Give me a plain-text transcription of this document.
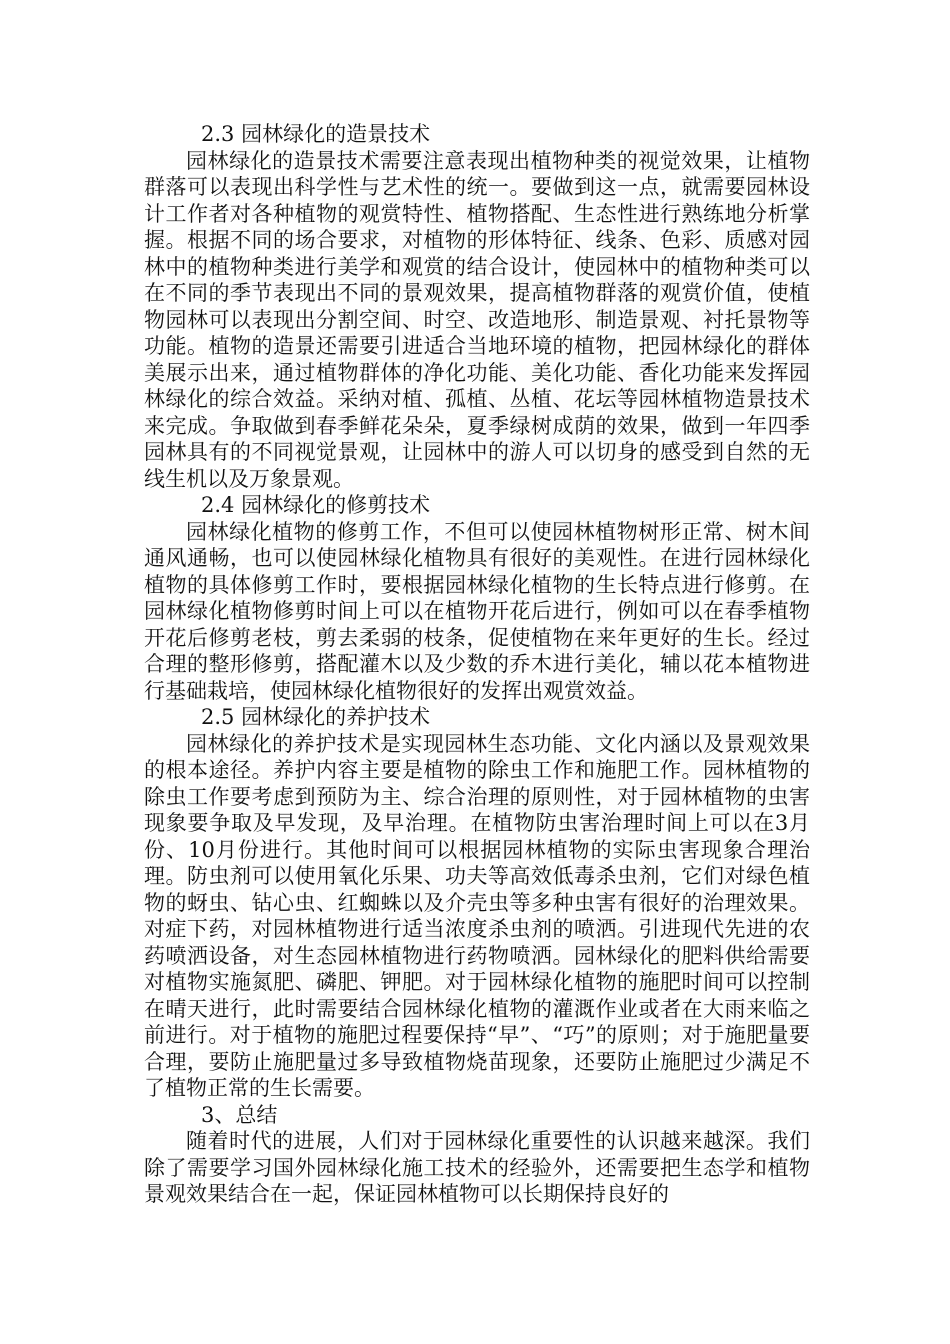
2.3 园林绿化的造景技术

园林绿化的造景技术需要注意表现出植物种类的视觉效果，让植物群落可以表现出科学性与艺术性的统一。要做到这一点，就需要园林设计工作者对各种植物的观赏特性、植物搭配、生态性进行熟练地分析掌握。根据不同的场合要求，对植物的形体特征、线条、色彩、质感对园林中的植物种类进行美学和观赏的结合设计，使园林中的植物种类可以在不同的季节表现出不同的景观效果，提高植物群落的观赏价值，使植物园林可以表现出分割空间、时空、改造地形、制造景观、衬托景物等功能。植物的造景还需要引进适合当地环境的植物，把园林绿化的群体美展示出来，通过植物群体的净化功能、美化功能、香化功能来发挥园林绿化的综合效益。采纳对植、孤植、丛植、花坛等园林植物造景技术来完成。争取做到春季鲜花朵朵，夏季绿树成荫的效果，做到一年四季园林具有的不同视觉景观，让园林中的游人可以切身的感受到自然的无线生机以及万象景观。

2.4 园林绿化的修剪技术

园林绿化植物的修剪工作，不但可以使园林植物树形正常、树木间通风通畅，也可以使园林绿化植物具有很好的美观性。在进行园林绿化植物的具体修剪工作时，要根据园林绿化植物的生长特点进行修剪。在园林绿化植物修剪时间上可以在植物开花后进行，例如可以在春季植物开花后修剪老枝，剪去柔弱的枝条，促使植物在来年更好的生长。经过合理的整形修剪，搭配灌木以及少数的乔木进行美化，辅以花本植物进行基础栽培，使园林绿化植物很好的发挥出观赏效益。

2.5 园林绿化的养护技术

园林绿化的养护技术是实现园林生态功能、文化内涵以及景观效果的根本途径。养护内容主要是植物的除虫工作和施肥工作。园林植物的除虫工作要考虑到预防为主、综合治理的原则性，对于园林植物的虫害现象要争取及早发现，及早治理。在植物防虫害治理时间上可以在3月份、10月份进行。其他时间可以根据园林植物的实际虫害现象合理治理。防虫剂可以使用氧化乐果、功夫等高效低毒杀虫剂，它们对绿色植物的蚜虫、钻心虫、红蜘蛛以及介壳虫等多种虫害有很好的治理效果。对症下药，对园林植物进行适当浓度杀虫剂的喷洒。引进现代先进的农药喷洒设备，对生态园林植物进行药物喷洒。园林绿化的肥料供给需要对植物实施氮肥、磷肥、钾肥。对于园林绿化植物的施肥时间可以控制在晴天进行，此时需要结合园林绿化植物的灌溉作业或者在大雨来临之前进行。对于植物的施肥过程要保持“早”、“巧”的原则；对于施肥量要合理，要防止施肥量过多导致植物烧苗现象，还要防止施肥过少满足不了植物正常的生长需要。

3、总结

随着时代的进展，人们对于园林绿化重要性的认识越来越深。我们除了需要学习国外园林绿化施工技术的经验外，还需要把生态学和植物景观效果结合在一起，保证园林植物可以长期保持良好的
